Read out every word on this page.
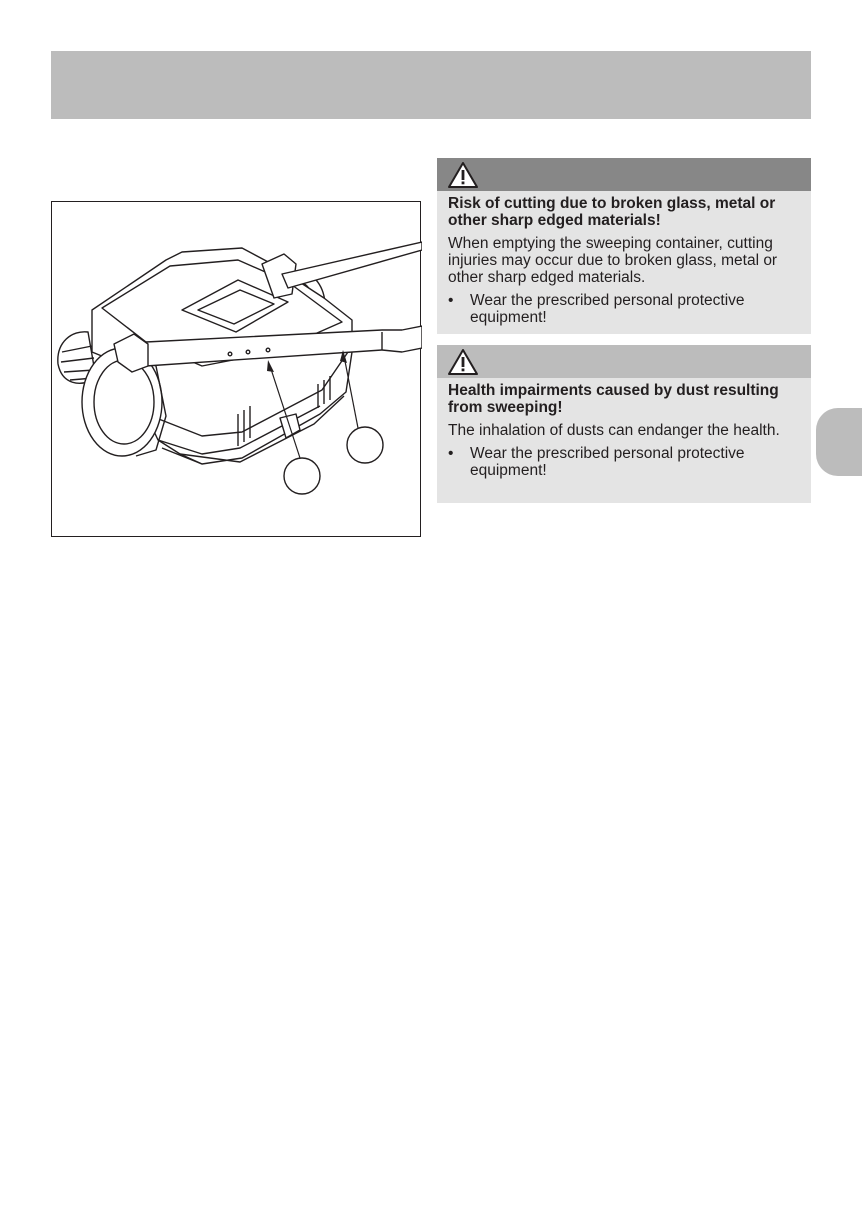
Risk of cutting due to broken glass, metal or other sharp edged materials!

When emptying the sweeping container, cutting injuries may occur due to broken glass, metal or other sharp edged materials.

• Wear the prescribed personal protective equipment!

Health impairments caused by dust resulting from sweeping!

The inhalation of dusts can endanger the health.

• Wear the prescribed personal protective equipment!
